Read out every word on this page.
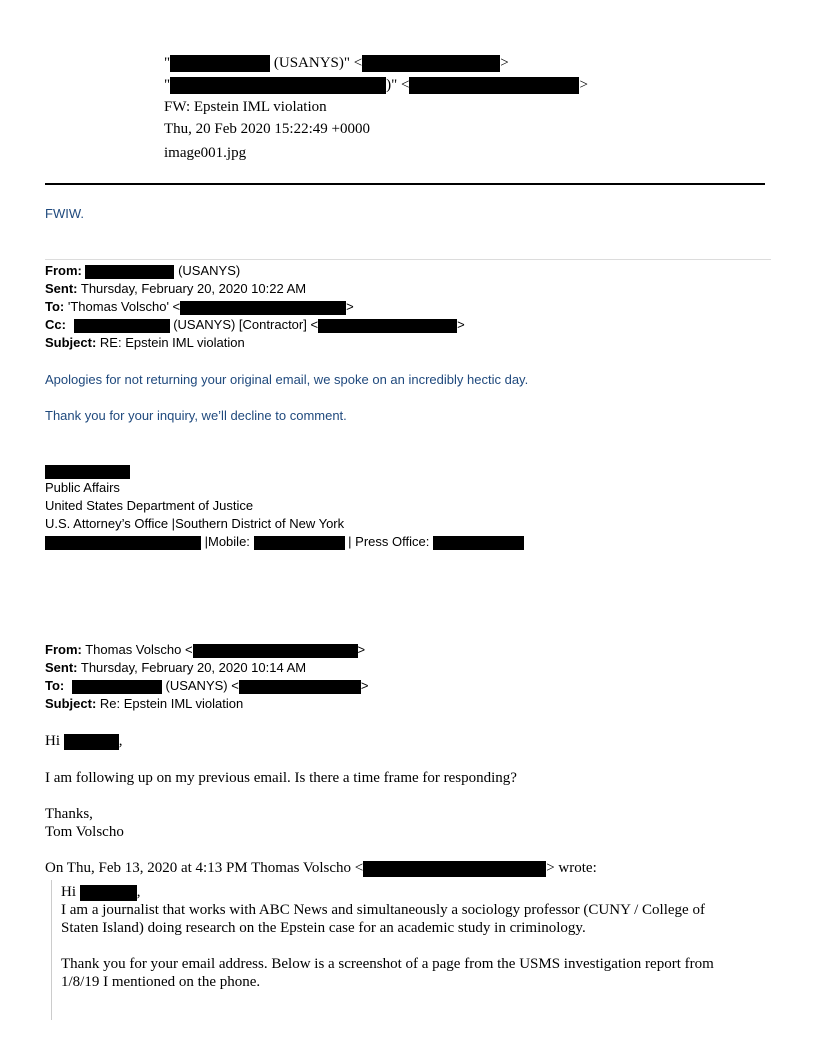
"	(USANYS)" <	>
"	)" <	>
FW: Epstein IML violation
Thu, 20 Feb 2020 15:22:49 +0000
image001.jpg
FWIW.
From:	(USANYS)
Sent: Thursday, February 20, 2020 10:22 AM
To: 'Thomas Volscho' <	>
Cc:	(USANYS) [Contractor] <	>
Subject: RE: Epstein IML violation
Apologies for not returning your original email, we spoke on an incredibly hectic day.
Thank you for your inquiry, we’ll decline to comment.
Public Affairs
United States Department of Justice
U.S. Attorney’s Office |Southern District of New York
|Mobile:	| Press Office:
From: Thomas Volscho <	>
Sent: Thursday, February 20, 2020 10:14 AM
To:	(USANYS) <	>
Subject: Re: Epstein IML violation
Hi	,
I am following up on my previous email. Is there a time frame for responding?
Thanks,
Tom Volscho
On Thu, Feb 13, 2020 at 4:13 PM Thomas Volscho <	> wrote:
Hi	,
I am a journalist that works with ABC News and simultaneously a sociology professor (CUNY / College of
Staten Island) doing research on the Epstein case for an academic study in criminology.
Thank you for your email address. Below is a screenshot of a page from the USMS investigation report from
1/8/19 I mentioned on the phone.
